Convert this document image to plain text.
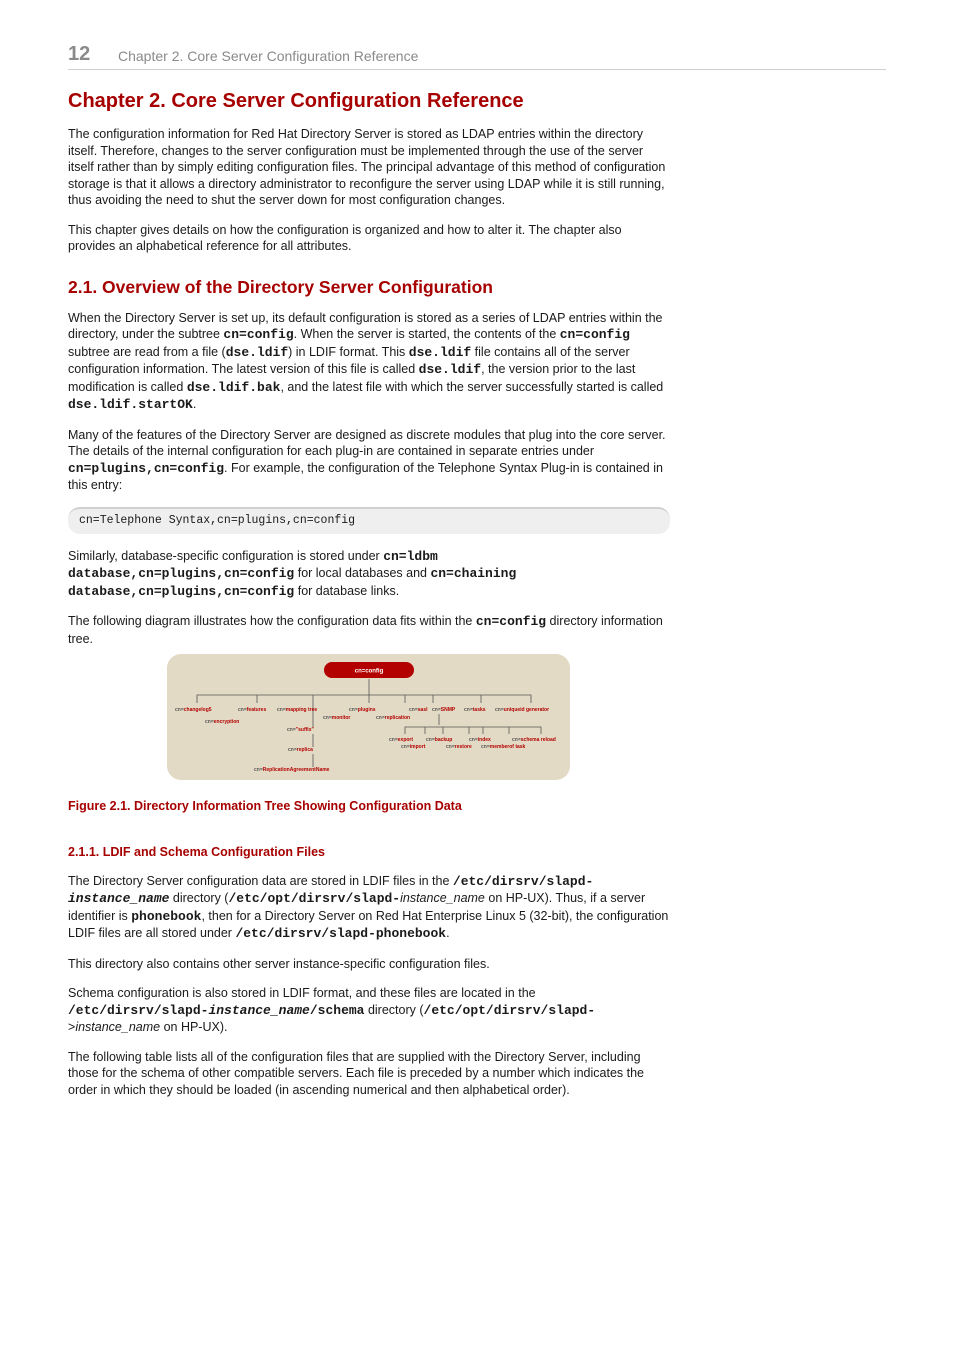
12 Chapter 2. Core Server Configuration Reference
Chapter 2. Core Server Configuration Reference

The configuration information for Red Hat Directory Server is stored as LDAP entries within the directory itself. Therefore, changes to the server configuration must be implemented through the use of the server itself rather than by simply editing configuration files. The principal advantage of this method of configuration storage is that it allows a directory administrator to reconfigure the server using LDAP while it is still running, thus avoiding the need to shut the server down for most configuration changes.

This chapter gives details on how the configuration is organized and how to alter it. The chapter also provides an alphabetical reference for all attributes.

2.1. Overview of the Directory Server Configuration

When the Directory Server is set up, its default configuration is stored as a series of LDAP entries within the directory, under the subtree cn=config. When the server is started, the contents of the cn=config subtree are read from a file (dse.ldif) in LDIF format. This dse.ldif file contains all of the server configuration information. The latest version of this file is called dse.ldif, the version prior to the last modification is called dse.ldif.bak, and the latest file with which the server successfully started is called dse.ldif.startOK.

Many of the features of the Directory Server are designed as discrete modules that plug into the core server. The details of the internal configuration for each plug-in are contained in separate entries under cn=plugins,cn=config. For example, the configuration of the Telephone Syntax Plug-in is contained in this entry:

cn=Telephone Syntax,cn=plugins,cn=config

Similarly, database-specific configuration is stored under cn=ldbm database,cn=plugins,cn=config for local databases and cn=chaining database,cn=plugins,cn=config for database links.

The following diagram illustrates how the configuration data fits within the cn=config directory information tree.

cn=config
cn=changelog5
cn=encryption
cn=features cn=mapping tree
cn=monitor
cn="suffix"
cn=replica
cn=ReplicationAgreementName
cn=plugins
cn=replication
cn=sasl cn=SNMP cn=tasks cn=uniqueid generator
cn=export
cn=import
cn=backup
cn=restore
cn=index
cn=memberof task
cn=schema reload

Figure 2.1. Directory Information Tree Showing Configuration Data

2.1.1. LDIF and Schema Configuration Files

The Directory Server configuration data are stored in LDIF files in the /etc/dirsrv/slapd-instance_name directory (/etc/opt/dirsrv/slapd-instance_name on HP-UX). Thus, if a server identifier is phonebook, then for a Directory Server on Red Hat Enterprise Linux 5 (32-bit), the configuration LDIF files are all stored under /etc/dirsrv/slapd-phonebook.

This directory also contains other server instance-specific configuration files.

Schema configuration is also stored in LDIF format, and these files are located in the /etc/dirsrv/slapd-instance_name/schema directory (/etc/opt/dirsrv/slapd->instance_name on HP-UX).

The following table lists all of the configuration files that are supplied with the Directory Server, including those for the schema of other compatible servers. Each file is preceded by a number which indicates the order in which they should be loaded (in ascending numerical and then alphabetical order).
